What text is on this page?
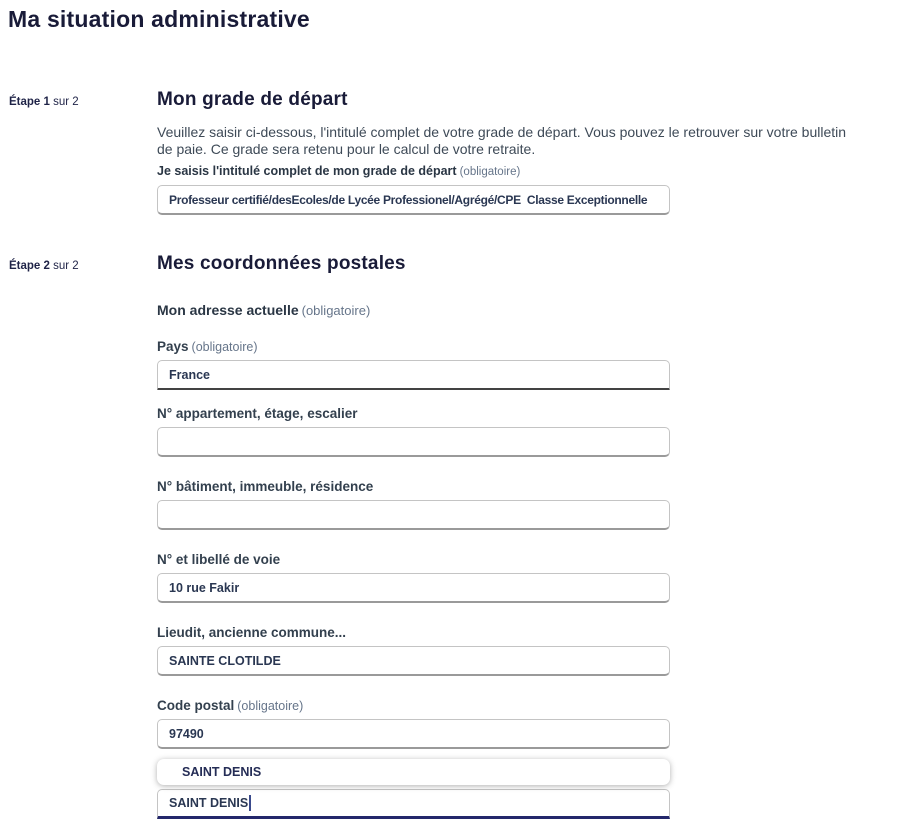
Ma situation administrative
Étape 1 sur 2	Mon grade de départ

Veuillez saisir ci-dessous, l'intitulé complet de votre grade de départ. Vous pouvez le retrouver sur votre bulletin de paie. Ce grade sera retenu pour le calcul de votre retraite.

Je saisis l'intitulé complet de mon grade de départ (obligatoire)
Professeur certifié/desEcoles/de Lycée Professionel/Agrégé/CPE Classe Exceptionnelle
Étape 2 sur 2	Mes coordonnées postales
Mon adresse actuelle (obligatoire)
Pays (obligatoire)
France
N° appartement, étage, escalier
N° bâtiment, immeuble, résidence
N° et libellé de voie
10 rue Fakir
Lieudit, ancienne commune...
SAINTE CLOTILDE
Code postal (obligatoire)
97490
SAINT DENIS
SAINT DENIS
